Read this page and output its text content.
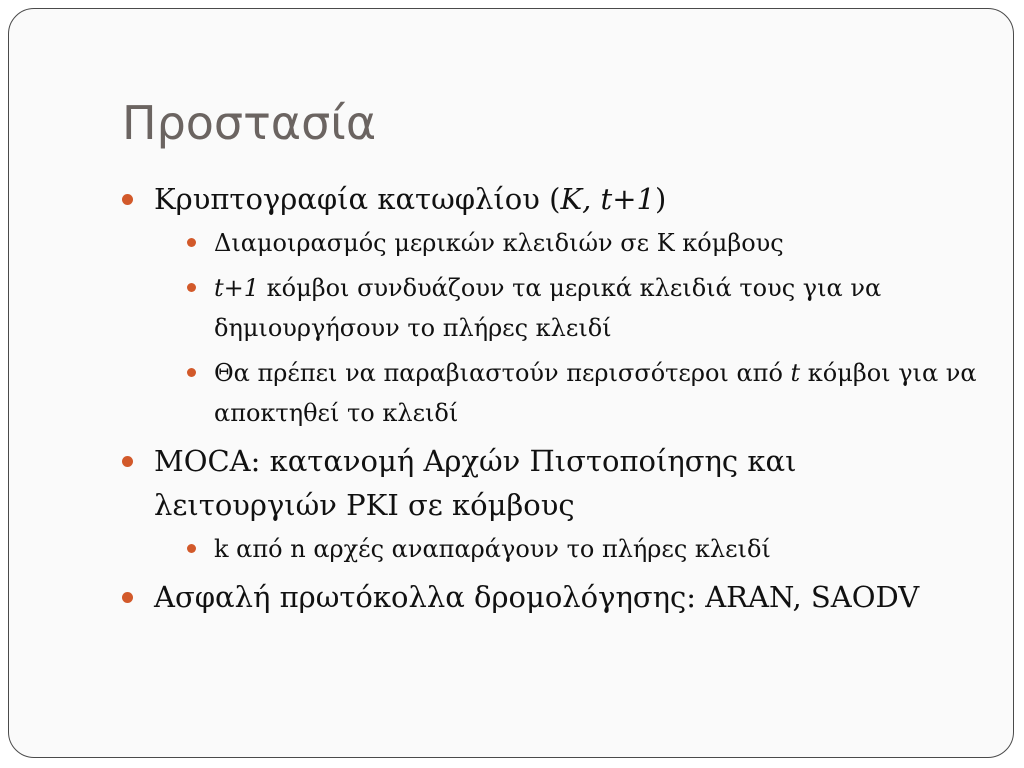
Προστασία
Κρυπτογραφία κατωφλίου (K, t+1)
Διαμοιρασμός μερικών κλειδιών σε K κόμβους
t+1 κόμβοι συνδυάζουν τα μερικά κλειδιά τους για να δημιουργήσουν το πλήρες κλειδί
Θα πρέπει να παραβιαστούν περισσότεροι από t κόμβοι για να αποκτηθεί το κλειδί
MOCA: κατανομή Αρχών Πιστοποίησης και λειτουργιών PKI σε κόμβους
k από n αρχές αναπαράγουν το πλήρες κλειδί
Ασφαλή πρωτόκολλα δρομολόγησης: ARAN, SAODV
